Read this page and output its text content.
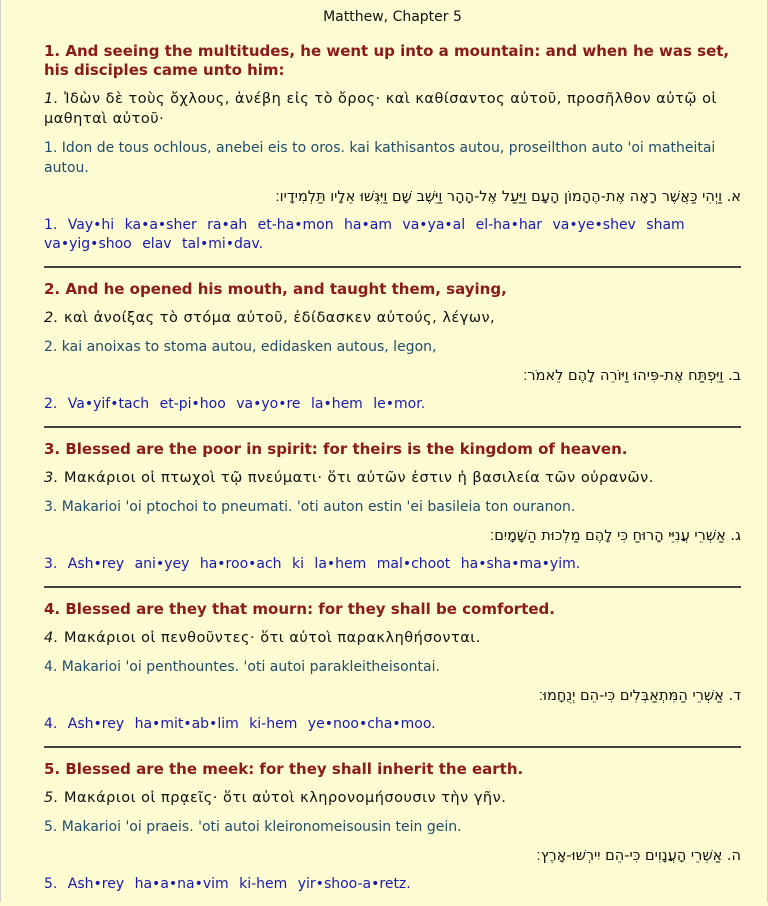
Matthew, Chapter 5
1. And seeing the multitudes, he went up into a mountain: and when he was set, his disciples came unto him:
1. Ἰδὼν δὲ τοὺς ὄχλους, ἀνέβη εἰς τὸ ὄρος· καὶ καθίσαντος αὐτοῦ, προσῆλθον αὐτῷ οἱ μαθηταὶ αὐτοῦ·
1. Idon de tous ochlous, anebei eis to oros. kai kathisantos autou, proseilthon auto 'oi matheitai autou.
א. וַיְהִי כַּאֲשֶׁר רָאָה אֶת-הֶהָמוֹן הָעָם וַיַּעַל אֶל-הָהָר וַיֵּשֶׁב שָׁם וַיִּגְּשׁוּ אֵלָיו תַּלְמִידָיו׃
1. Vay•hi ka•a•sher ra•ah et-ha•mon ha•am va•ya•al el-ha•har va•ye•shev sham va•yig•shoo elav tal•mi•dav.
2. And he opened his mouth, and taught them, saying,
2. καὶ ἀνοίξας τὸ στόμα αὐτοῦ, ἐδίδασκεν αὐτούς, λέγων,
2. kai anoixas to stoma autou, edidasken autous, legon,
ב. וַיִּפְתַּח אֶת-פִּיהוּ וַיּוֹרֵה לָהֶם לֵאמֹר׃
2. Va•yif•tach et-pi•hoo va•yo•re la•hem le•mor.
3. Blessed are the poor in spirit: for theirs is the kingdom of heaven.
3. Μακάριοι οἱ πτωχοὶ τῷ πνεύματι· ὅτι αὐτῶν ἐστιν ἡ βασιλεία τῶν οὐρανῶν.
3. Makarioi 'oi ptochoi to pneumati. 'oti auton estin 'ei basileia ton ouranon.
ג. אַשְׁרֵי עֲנִיֵּי הָרוּחַ כִּי לָהֶם מַלְכוּת הַשָּׁמָיִם׃
3. Ash•rey ani•yey ha•roo•ach ki la•hem mal•choot ha•sha•ma•yim.
4. Blessed are they that mourn: for they shall be comforted.
4. Μακάριοι οἱ πενθοῦντες· ὅτι αὐτοὶ παρακληθήσονται.
4. Makarioi 'oi penthountes. 'oti autoi parakleitheisontai.
ד. אַשְׁרֵי הַמִּתְאַבְּלִים כִּי-הֵם יְנֻחָמוּ׃
4. Ash•rey ha•mit•ab•lim ki-hem ye•noo•cha•moo.
5. Blessed are the meek: for they shall inherit the earth.
5. Μακάριοι οἱ πρᾳεῖς· ὅτι αὐτοὶ κληρονομήσουσιν τὴν γῆν.
5. Makarioi 'oi praeis. 'oti autoi kleironomeisousin tein gein.
ה. אַשְׁרֵי הָעֲנָוִים כִּי-הֵם יִירְשׁוּ-אָרֶץ׃
5. Ash•rey ha•a•na•vim ki-hem yir•shoo-a•retz.
